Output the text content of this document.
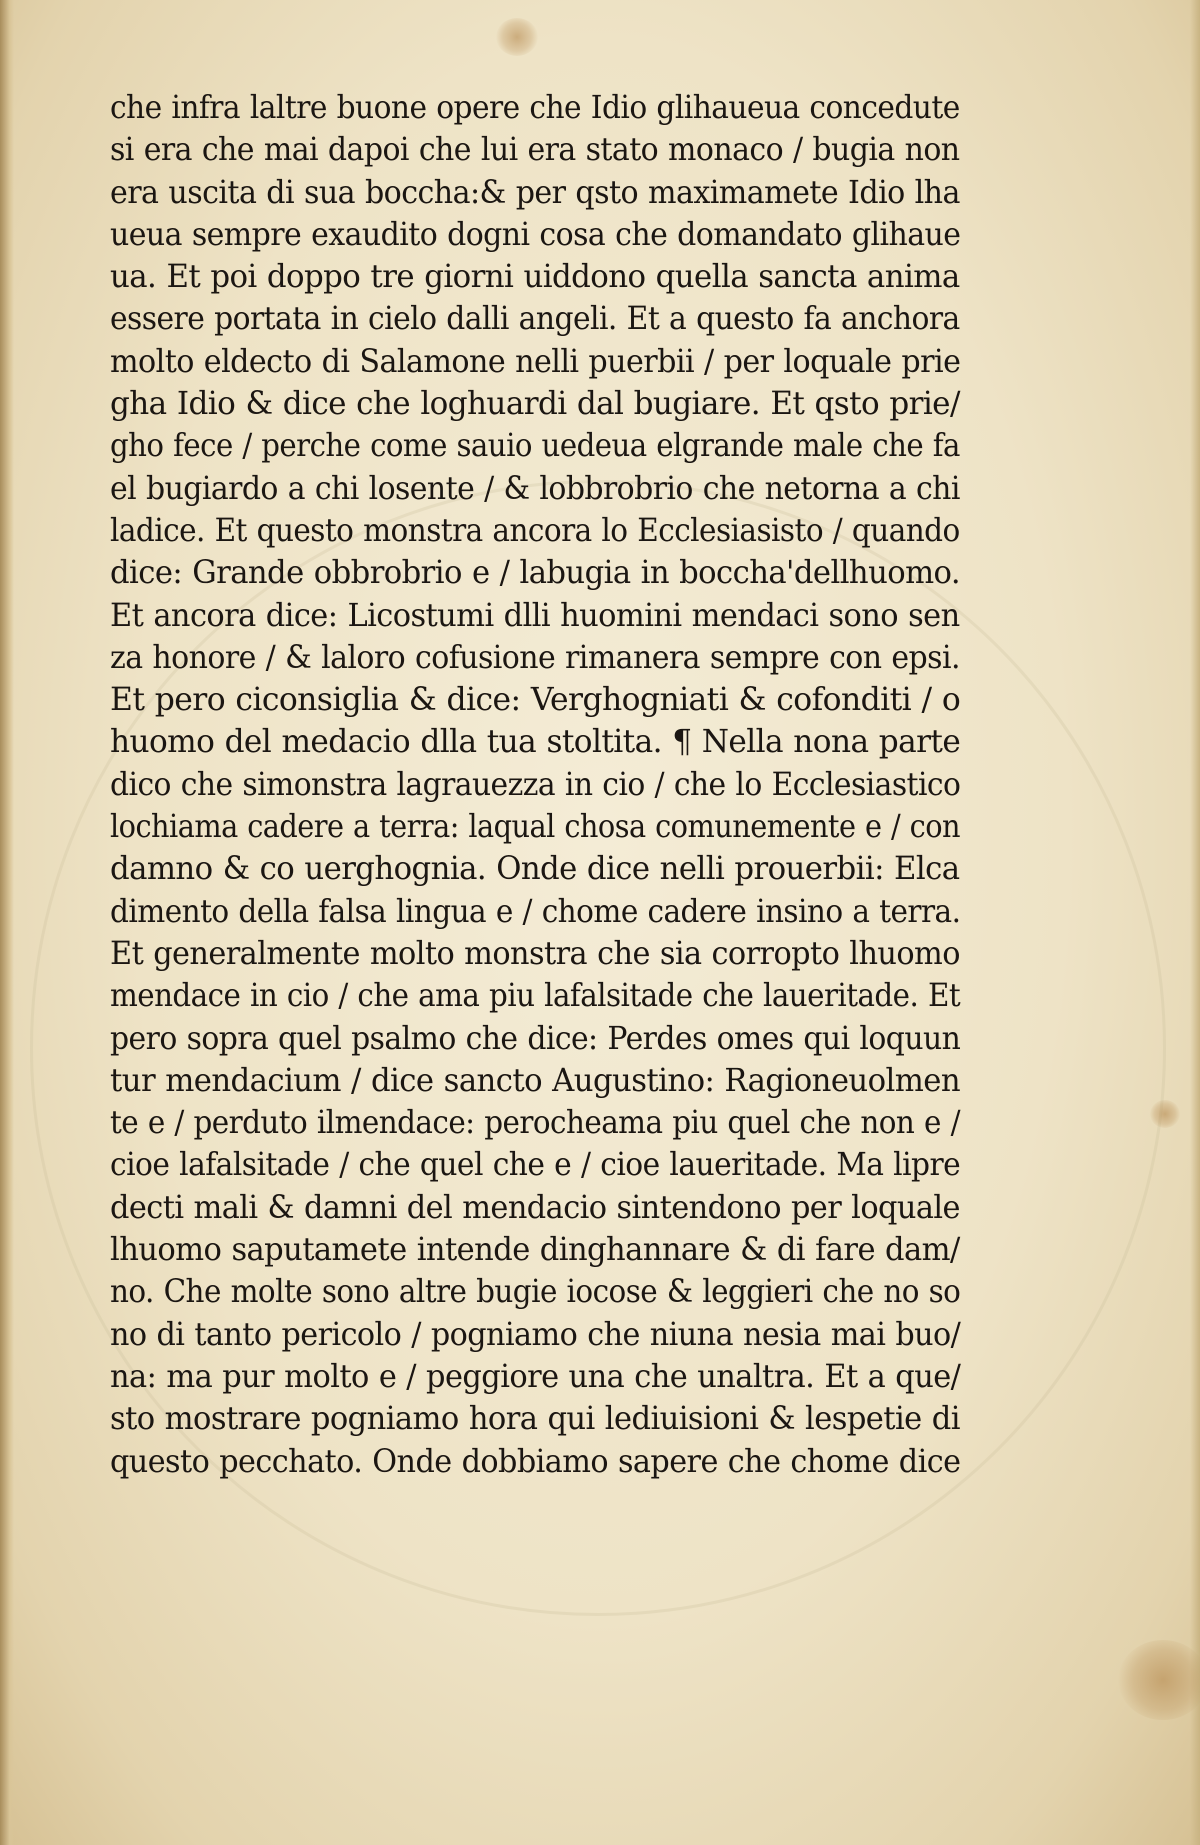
che infra laltre buone opere che Idio glihaueua concedute
si era che mai dapoi che lui era stato monaco / bugia non
era uscita di sua boccha:& per qsto maximamete Idio lha
ueua sempre exaudito dogni cosa che domandato glihaue
ua. Et poi doppo tre giorni uiddono quella sancta anima
essere portata in cielo dalli angeli. Et a questo fa anchora
molto eldecto di Salamone nelli puerbii / per loquale prie
gha Idio & dice che loghuardi dal bugiare. Et qsto prie/
gho fece / perche come sauio uedeua elgrande male che fa
el bugiardo a chi losente / & lobbrobrio che netorna a chi
ladice. Et questo monstra ancora lo Ecclesiasisto / quando
dice: Grande obbrobrio e / labugia in boccha'dellhuomo.
Et ancora dice: Licostumi dlli huomini mendaci sono sen
za honore / & laloro cofusione rimanera sempre con epsi.
Et pero ciconsiglia & dice: Verghogniati & cofonditi / o
huomo del medacio dlla tua stoltita. ¶ Nella nona parte
dico che simonstra lagrauezza in cio / che lo Ecclesiastico
lochiama cadere a terra: laqual chosa comunemente e / con
damno & co uerghognia. Onde dice nelli prouerbii: Elca
dimento della falsa lingua e / chome cadere insino a terra.
Et generalmente molto monstra che sia corropto lhuomo
mendace in cio / che ama piu lafalsitade che laueritade. Et
pero sopra quel psalmo che dice: Perdes omes qui loquun
tur mendacium / dice sancto Augustino: Ragioneuolmen
te e / perduto ilmendace: perocheama piu quel che non e /
cioe lafalsitade / che quel che e / cioe laueritade. Ma lipre
decti mali & damni del mendacio sintendono per loquale
lhuomo saputamete intende dinghannare & di fare dam/
no. Che molte sono altre bugie iocose & leggieri che no so
no di tanto pericolo / pogniamo che niuna nesia mai buo/
na: ma pur molto e / peggiore una che unaltra. Et a que/
sto mostrare pogniamo hora qui lediuisioni & lespetie di
questo pecchato. Onde dobbiamo sapere che chome dice
